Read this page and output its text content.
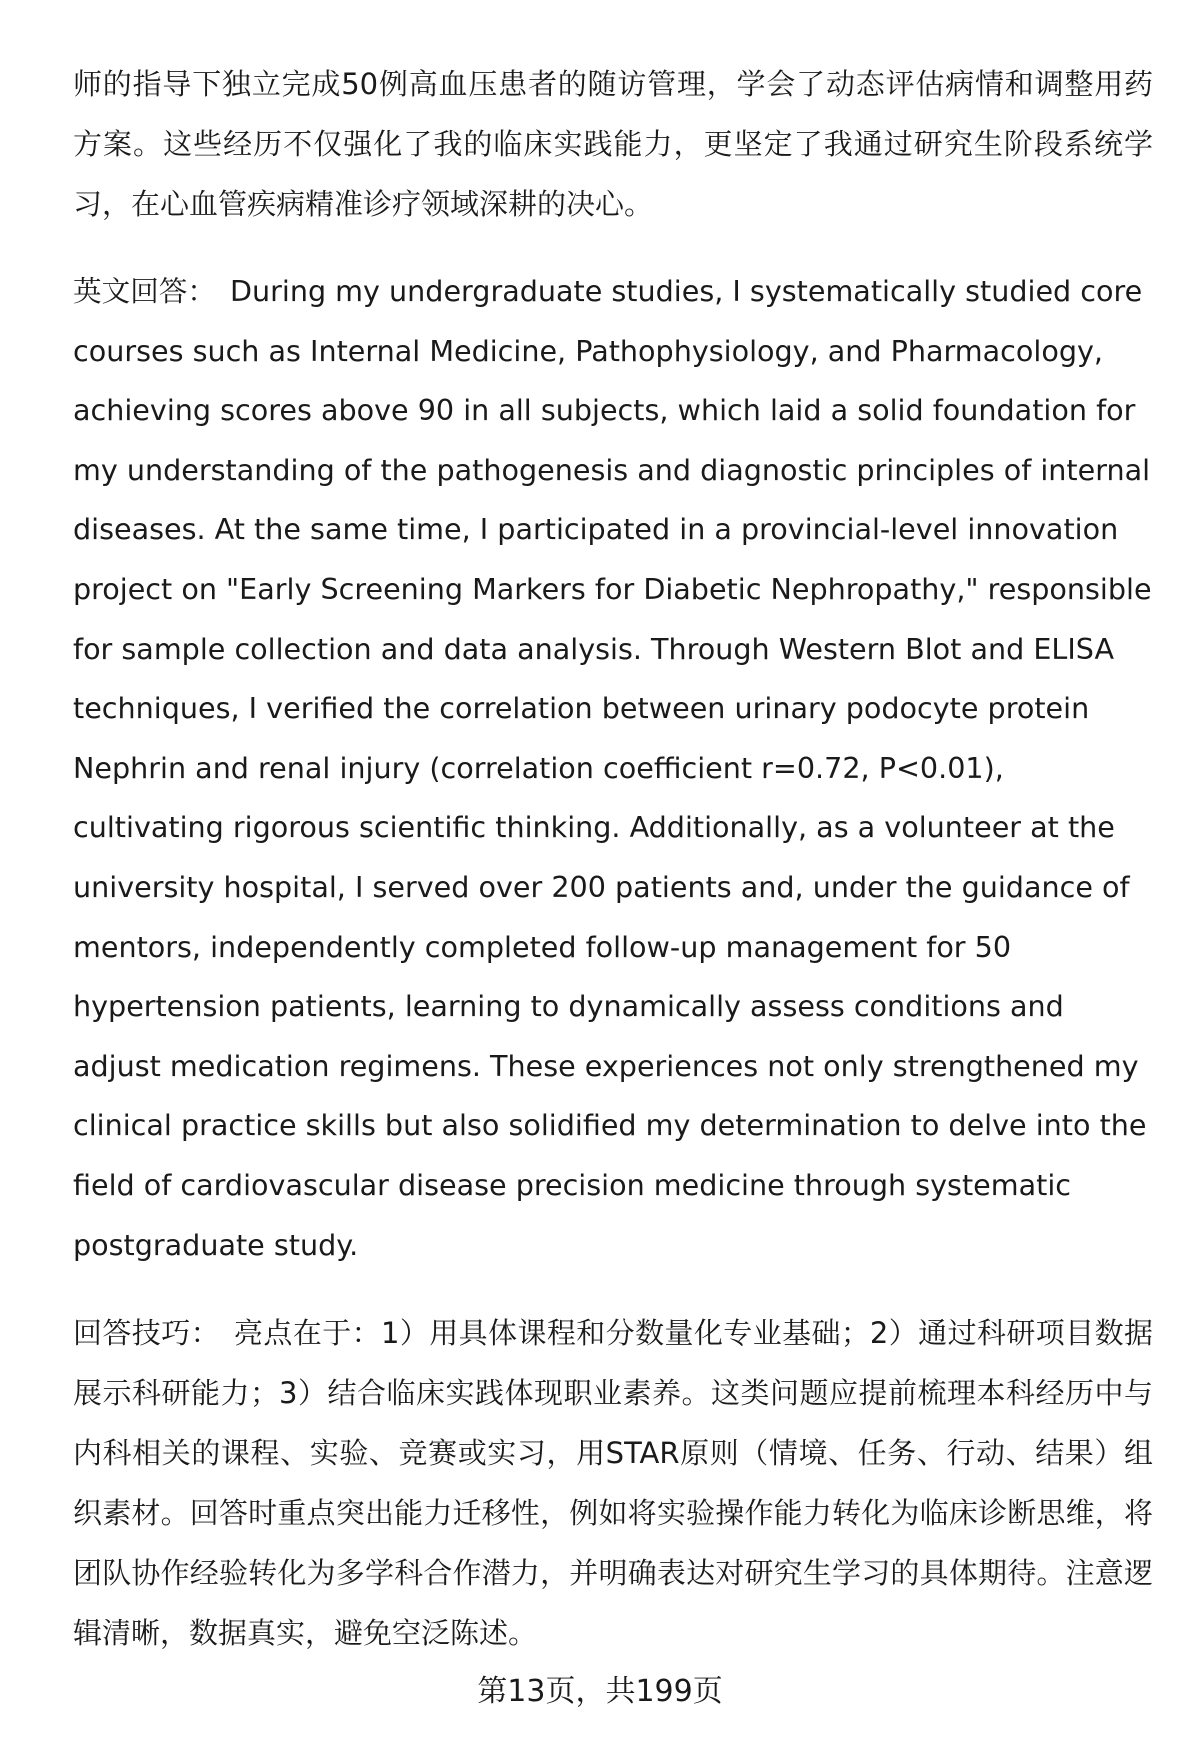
师的指导下独立完成50例高血压患者的随访管理，学会了动态评估病情和调整用药方案。这些经历不仅强化了我的临床实践能力，更坚定了我通过研究生阶段系统学习，在心血管疾病精准诊疗领域深耕的决心。

英文回答： During my undergraduate studies, I systematically studied core courses such as Internal Medicine, Pathophysiology, and Pharmacology, achieving scores above 90 in all subjects, which laid a solid foundation for my understanding of the pathogenesis and diagnostic principles of internal diseases. At the same time, I participated in a provincial-level innovation project on "Early Screening Markers for Diabetic Nephropathy," responsible for sample collection and data analysis. Through Western Blot and ELISA techniques, I verified the correlation between urinary podocyte protein Nephrin and renal injury (correlation coefficient r=0.72, P<0.01), cultivating rigorous scientific thinking. Additionally, as a volunteer at the university hospital, I served over 200 patients and, under the guidance of mentors, independently completed follow-up management for 50 hypertension patients, learning to dynamically assess conditions and adjust medication regimens. These experiences not only strengthened my clinical practice skills but also solidified my determination to delve into the field of cardiovascular disease precision medicine through systematic postgraduate study.

回答技巧： 亮点在于：1）用具体课程和分数量化专业基础；2）通过科研项目数据展示科研能力；3）结合临床实践体现职业素养。这类问题应提前梳理本科经历中与内科相关的课程、实验、竞赛或实习，用STAR原则（情境、任务、行动、结果）组织素材。回答时重点突出能力迁移性，例如将实验操作能力转化为临床诊断思维，将团队协作经验转化为多学科合作潜力，并明确表达对研究生学习的具体期待。注意逻辑清晰，数据真实，避免空泛陈述。

第13页，共199页
